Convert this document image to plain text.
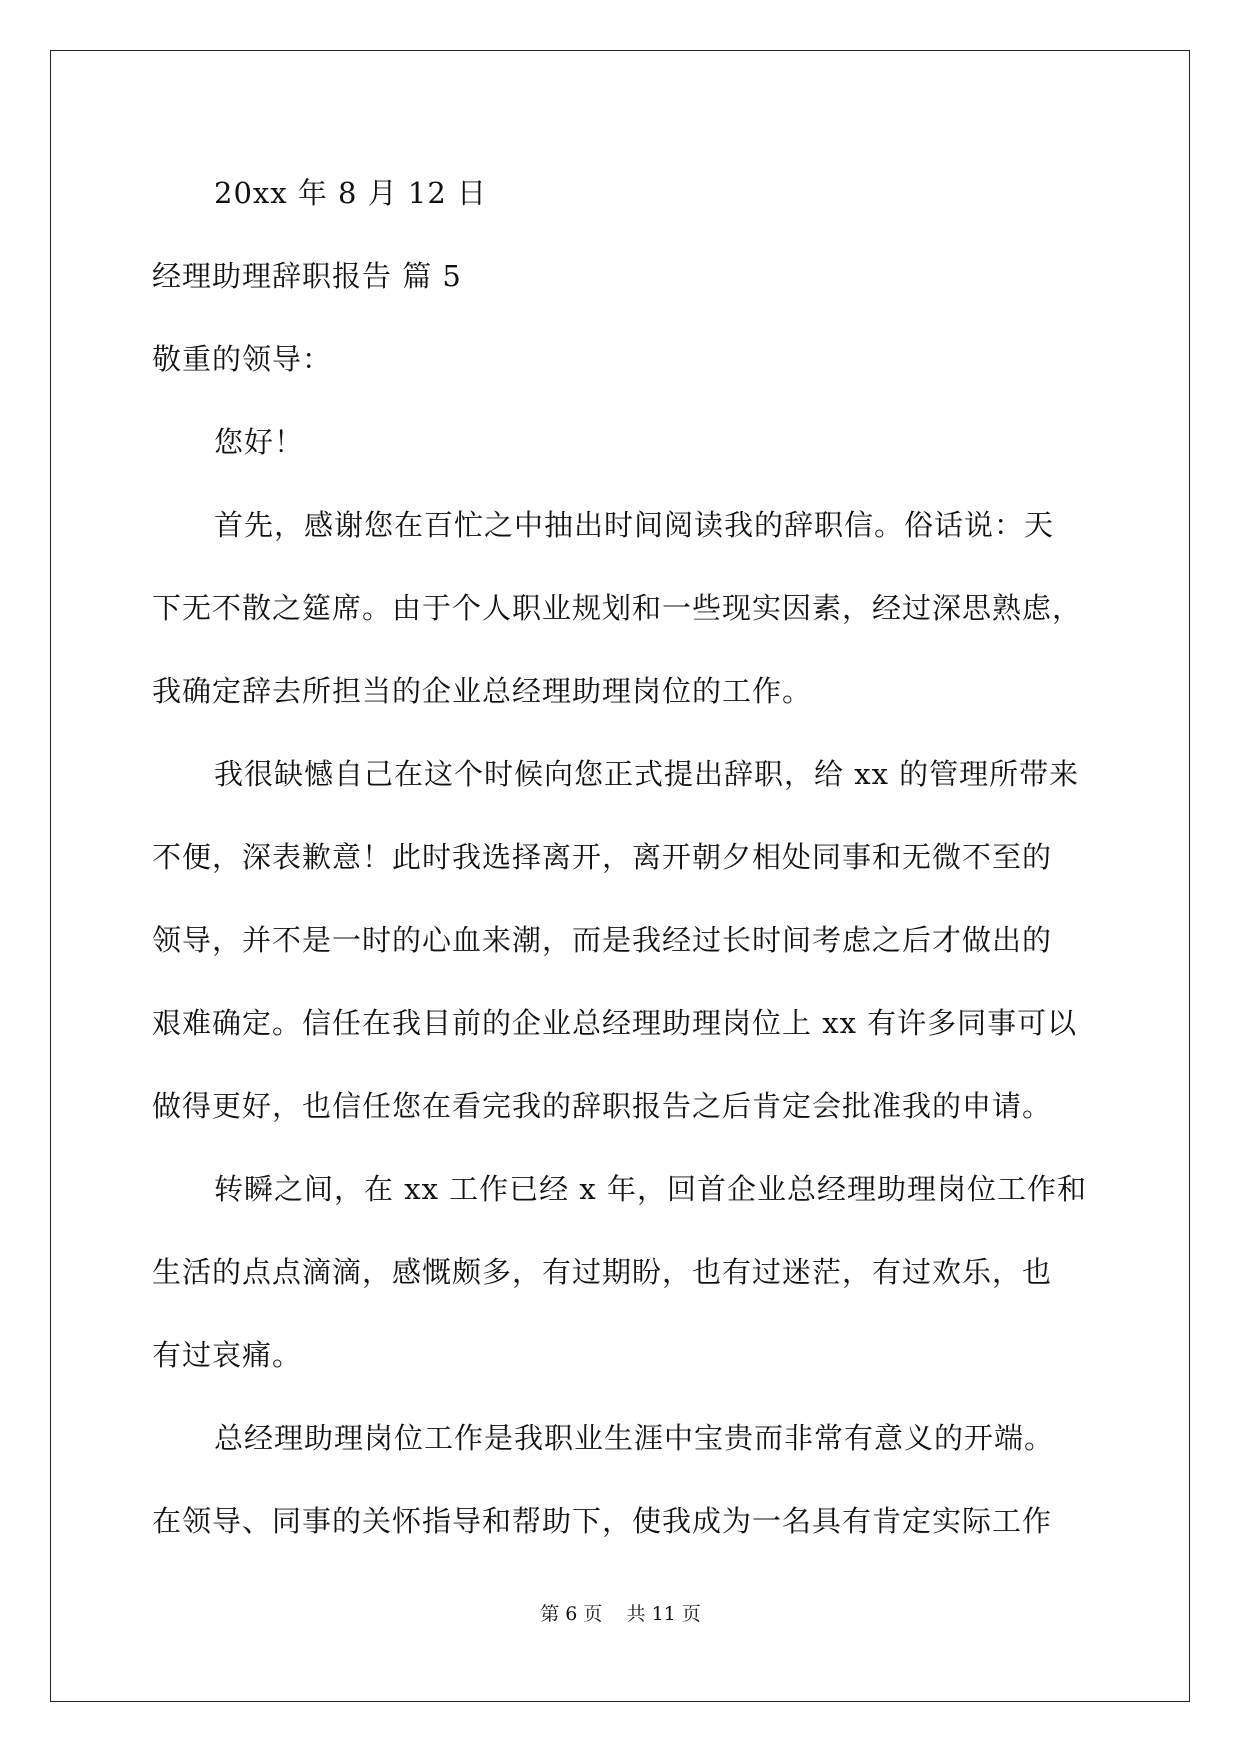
20xx 年 8 月 12 日
经理助理辞职报告 篇 5
敬重的领导：
您好！
首先，感谢您在百忙之中抽出时间阅读我的辞职信。俗话说：天
下无不散之筵席。由于个人职业规划和一些现实因素，经过深思熟虑，
我确定辞去所担当的企业总经理助理岗位的工作。
我很缺憾自己在这个时候向您正式提出辞职，给 xx 的管理所带来
不便，深表歉意！此时我选择离开，离开朝夕相处同事和无微不至的
领导，并不是一时的心血来潮，而是我经过长时间考虑之后才做出的
艰难确定。信任在我目前的企业总经理助理岗位上 xx 有许多同事可以
做得更好，也信任您在看完我的辞职报告之后肯定会批准我的申请。
转瞬之间，在 xx 工作已经 x 年，回首企业总经理助理岗位工作和
生活的点点滴滴，感慨颇多，有过期盼，也有过迷茫，有过欢乐，也
有过哀痛。
总经理助理岗位工作是我职业生涯中宝贵而非常有意义的开端。
在领导、同事的关怀指导和帮助下，使我成为一名具有肯定实际工作
第 6 页    共 11 页
